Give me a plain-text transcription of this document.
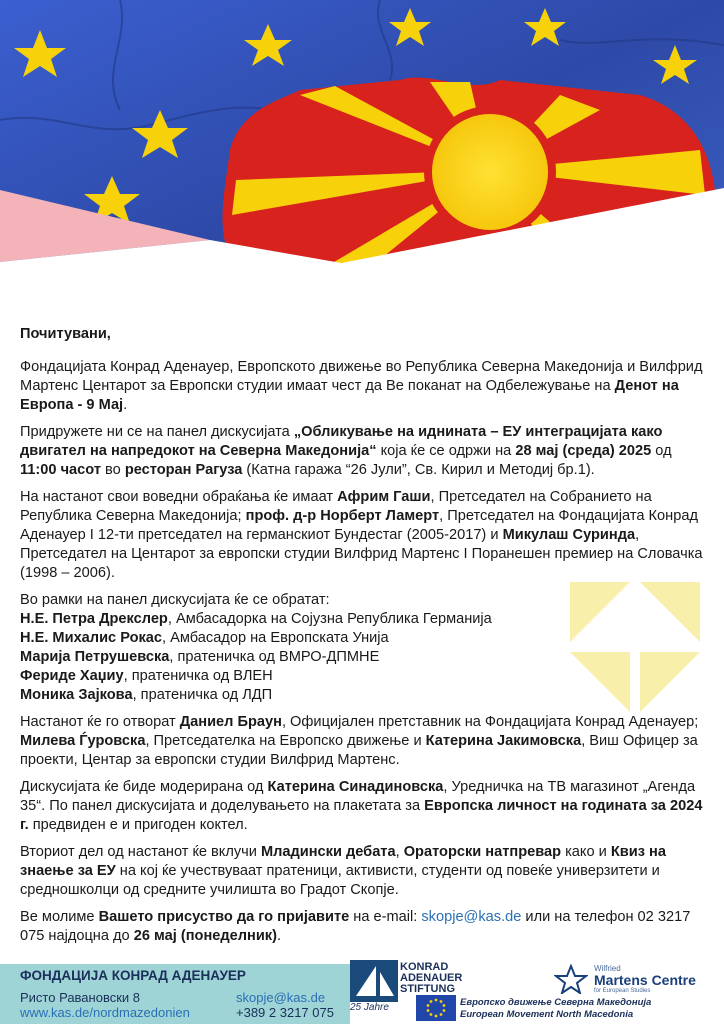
Почитувани,

Фондацијата Конрад Аденауер, Европското движење во Република Северна Македонија и Вилфрид Мартенс Центарот за Европски студии имаат чест да Ве поканат на Одбележување на Денот на Европа - 9 Мај.

Придружете ни се на панел дискусијата „Обликување на иднината – ЕУ интеграцијата како двигател на напредокот на Северна Македонија“ која ќе се одржи на 28 мај (среда) 2025 од 11:00 часот во ресторан Рагуза (Катна гаража “26 Јули”, Св. Кирил и Методиј бр.1).

На настанот свои воведни обраќања ќе имаат Африм Гаши, Претседател на Собранието на Република Северна Македонија; проф. д-р Норберт Ламерт, Претседател на Фондацијата Конрад Аденауер I 12-ти претседател на германскиот Бундестаг (2005-2017) и Микулаш Суринда, Претседател на Центарот за европски студии Вилфрид Мартенс I Поранешен премиер на Словачка (1998 – 2006).

Во рамки на панел дискусијата ќе се обратат:
Н.Е. Петра Дрекслер, Амбасадорка на Сојузна Република Германија
Н.Е. Михалис Рокас, Амбасадор на Европската Унија
Марија Петрушевска, пратеничка од ВМРО-ДПМНЕ
Фериде Хаџиу, пратеничка од ВЛЕН
Моника Зајкова, пратеничка од ЛДП

Настанот ќе го отворат Даниел Браун, Официјален претставник на Фондацијата Конрад Аденауер; Милева Ѓуровска, Претседателка на Европско движење и Катерина Јакимовска, Виш Офицер за проекти, Центар за европски студии Вилфрид Мартенс.

Дискусијата ќе биде модерирана од Катерина Синадиновска, Уредничка на ТВ магазинот „Агенда 35“. По панел дискусијата и доделувањето на плакетата за Европска личност на годината за 2024 г. предвиден е и пригоден коктел.

Вториот дел од настанот ќе вклучи Младински дебата, Ораторски натпревар како и Квиз на знаење за ЕУ на кој ќе учествуваат пратеници, активисти, студенти од повеќе универзитети и средношколци од средните училишта во Градот Скопје.

Ве молиме Вашето присуство да го пријавите на e-mail: skopje@kas.de или на телефон 02 3217 075 најдоцна до 26 мај (понеделник).

ФОНДАЦИЈА КОНРАД АДЕНАУЕР
Ристо Равановски 8
www.kas.de/nordmazedonien
skopje@kas.de
+389 2 3217 075
KONRAD
ADENAUER
STIFTUNG
25 Jahre
Wilfried
Martens Centre
for European Studies
Европско движење Северна Македонија
European Movement North Macedonia
